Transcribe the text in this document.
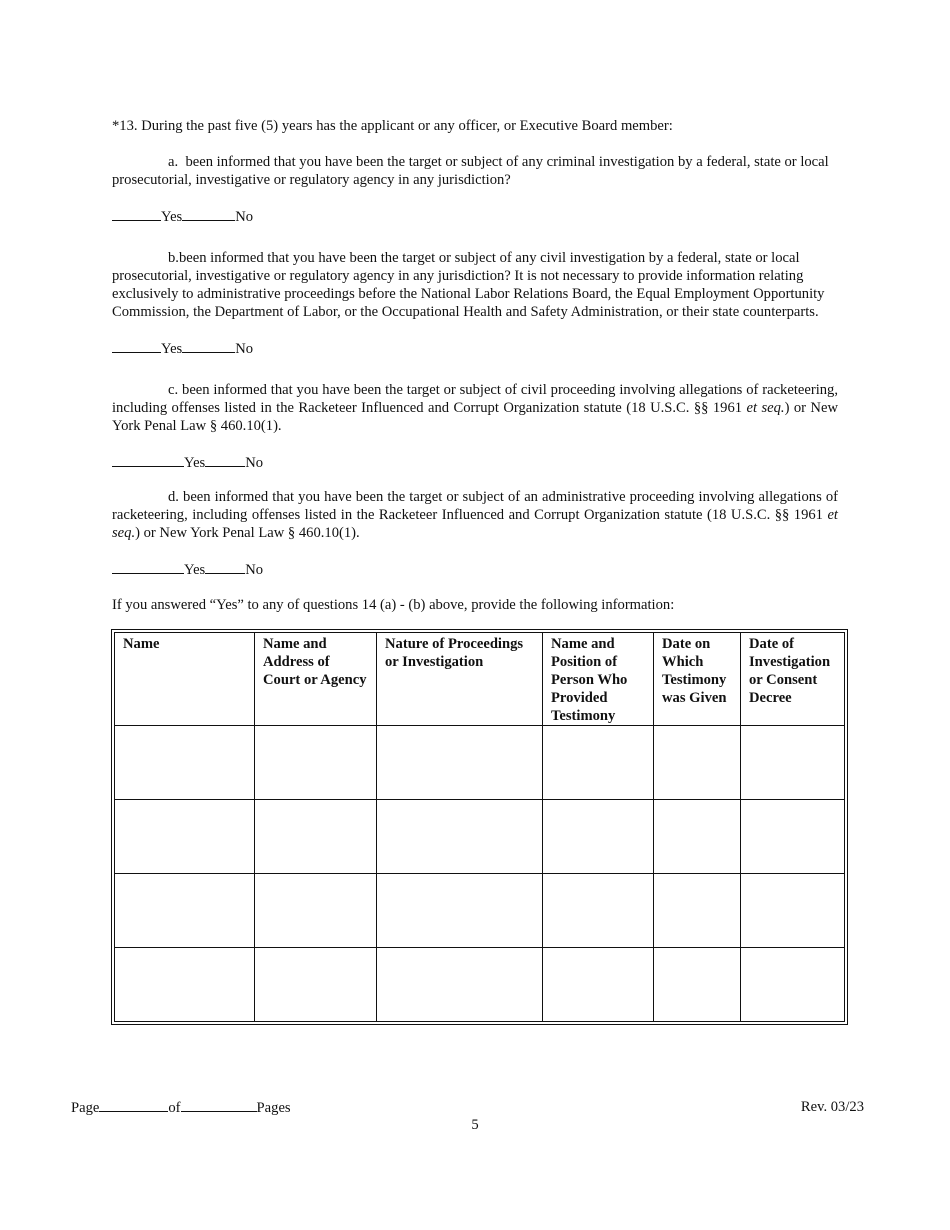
*13. During the past five (5) years has the applicant or any officer, or Executive Board member:

a. been informed that you have been the target or subject of any criminal investigation by a federal, state or local prosecutorial, investigative or regulatory agency in any jurisdiction?

Yes	No

b.been informed that you have been the target or subject of any civil investigation by a federal, state or local prosecutorial, investigative or regulatory agency in any jurisdiction? It is not necessary to provide information relating exclusively to administrative proceedings before the National Labor Relations Board, the Equal Employment Opportunity Commission, the Department of Labor, or the Occupational Health and Safety Administration, or their state counterparts.

Yes	No

c. been informed that you have been the target or subject of civil proceeding involving allegations of racketeering, including offenses listed in the Racketeer Influenced and Corrupt Organization statute (18 U.S.C. §§ 1961 et seq.) or New York Penal Law § 460.10(1).

Yes	No

d. been informed that you have been the target or subject of an administrative proceeding involving allegations of racketeering, including offenses listed in the Racketeer Influenced and Corrupt Organization statute (18 U.S.C. §§ 1961 et seq.) or New York Penal Law § 460.10(1).

Yes	No

If you answered “Yes” to any of questions 14 (a) - (b) above, provide the following information:

Name	Name and Address of Court or Agency	Nature of Proceedings or Investigation	Name and Position of Person Who Provided Testimony	Date on Which Testimony was Given	Date of Investigation or Consent Decree

Page	of	Pages	Rev. 03/23
5
